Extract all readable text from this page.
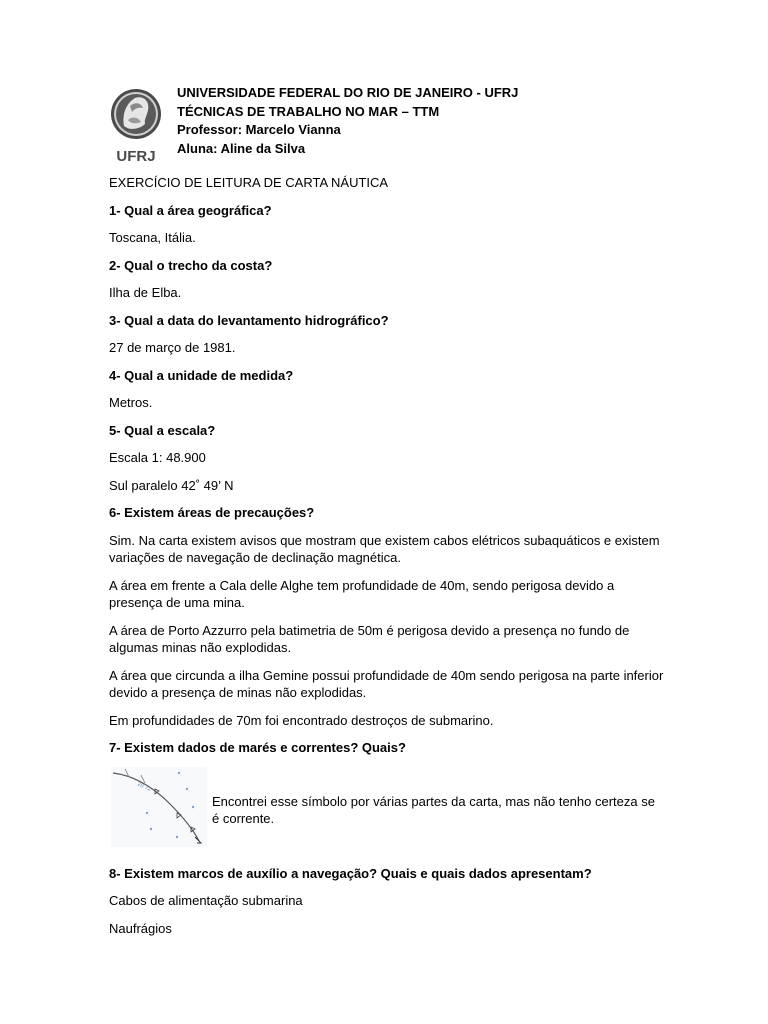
UFRJ
UNIVERSIDADE FEDERAL DO RIO DE JANEIRO - UFRJ
TÉCNICAS DE TRABALHO NO MAR – TTM
Professor: Marcelo Vianna
Aluna: Aline da Silva

EXERCÍCIO DE LEITURA DE CARTA NÁUTICA

1- Qual a área geográfica?

Toscana, Itália.

2- Qual o trecho da costa?

Ilha de Elba.

3- Qual a data do levantamento hidrográfico?

27 de março de 1981.

4- Qual a unidade de medida?

Metros.

5- Qual a escala?

Escala 1: 48.900

Sul paralelo 42˚ 49’ N

6- Existem áreas de precauções?

Sim. Na carta existem avisos que mostram que existem cabos elétricos subaquáticos e existem variações de navegação de declinação magnética.

A área em frente a Cala delle Alghe tem profundidade de 40m, sendo perigosa devido a presença de uma mina.

A área de Porto Azzurro pela batimetria de 50m é perigosa devido a presença no fundo de algumas minas não explodidas.

A área que circunda a ilha Gemine possui profundidade de 40m sendo perigosa na parte inferior devido a presença de minas não explodidas.

Em profundidades de 70m foi encontrado destroços de submarino.

7- Existem dados de marés e correntes? Quais?

20 72

Encontrei esse símbolo por várias partes da carta, mas não tenho certeza se é corrente.

8- Existem marcos de auxílio a navegação? Quais e quais dados apresentam?

Cabos de alimentação submarina

Naufrágios
